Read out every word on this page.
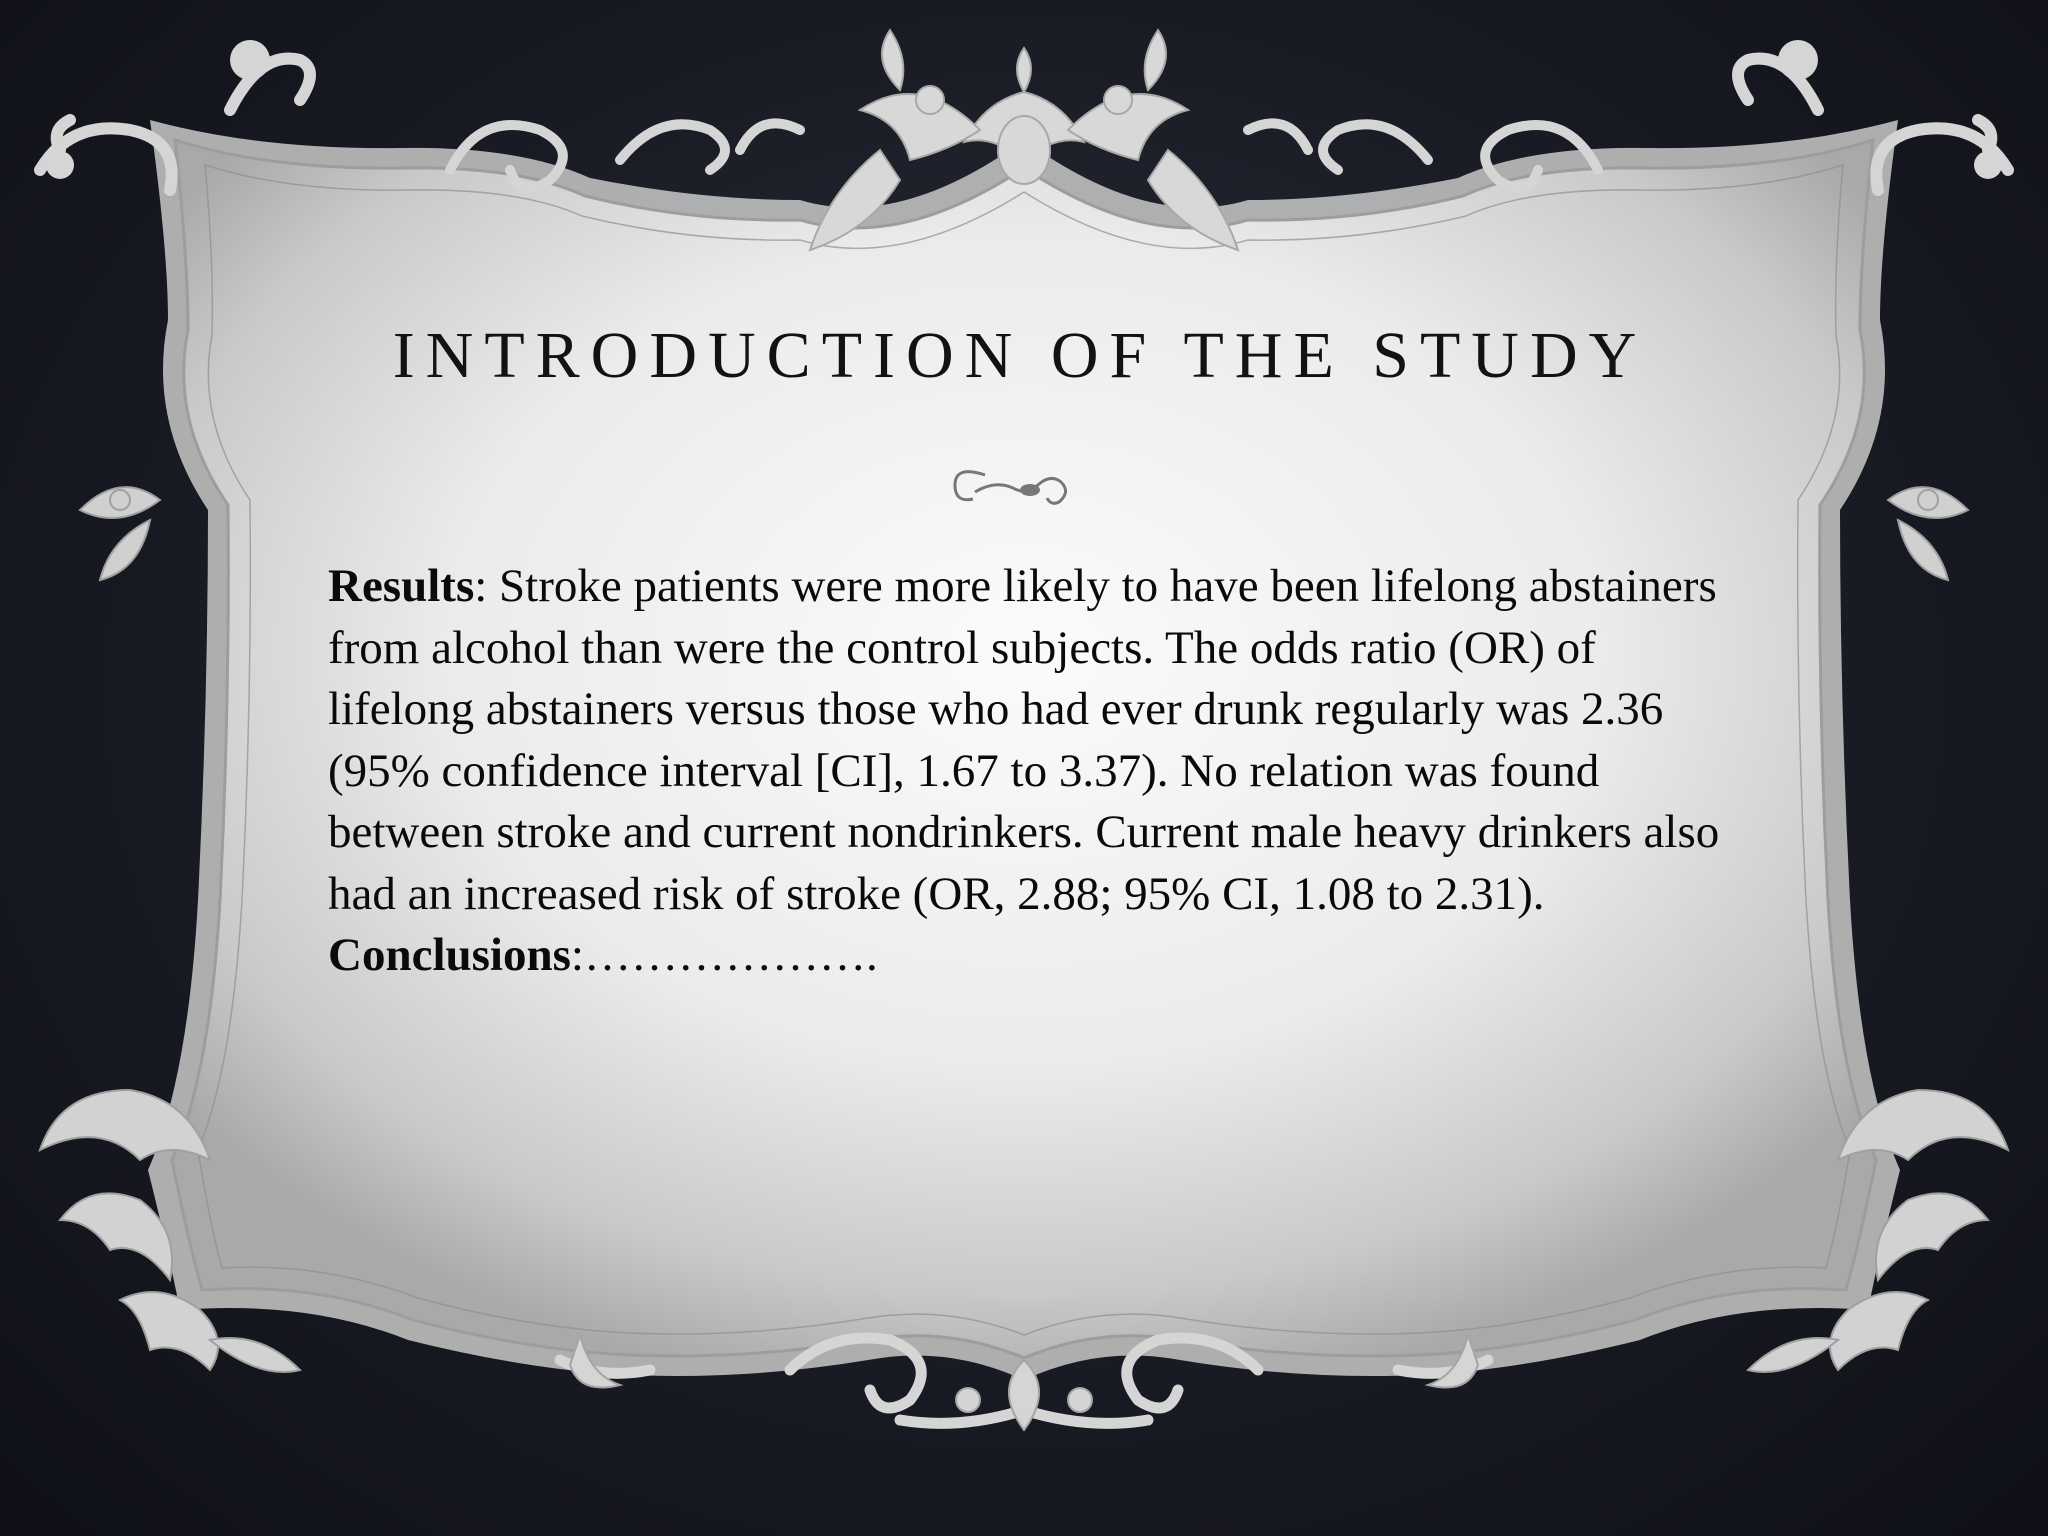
INTRODUCTION OF THE STUDY

Results: Stroke patients were more likely to have been lifelong abstainers from alcohol than were the control subjects. The odds ratio (OR) of lifelong abstainers versus those who had ever drunk regularly was 2.36 (95% confidence interval [CI], 1.67 to 3.37). No relation was found between stroke and current nondrinkers. Current male heavy drinkers also had an increased risk of stroke (OR, 2.88; 95% CI, 1.08 to 2.31).

Conclusions:……………….
